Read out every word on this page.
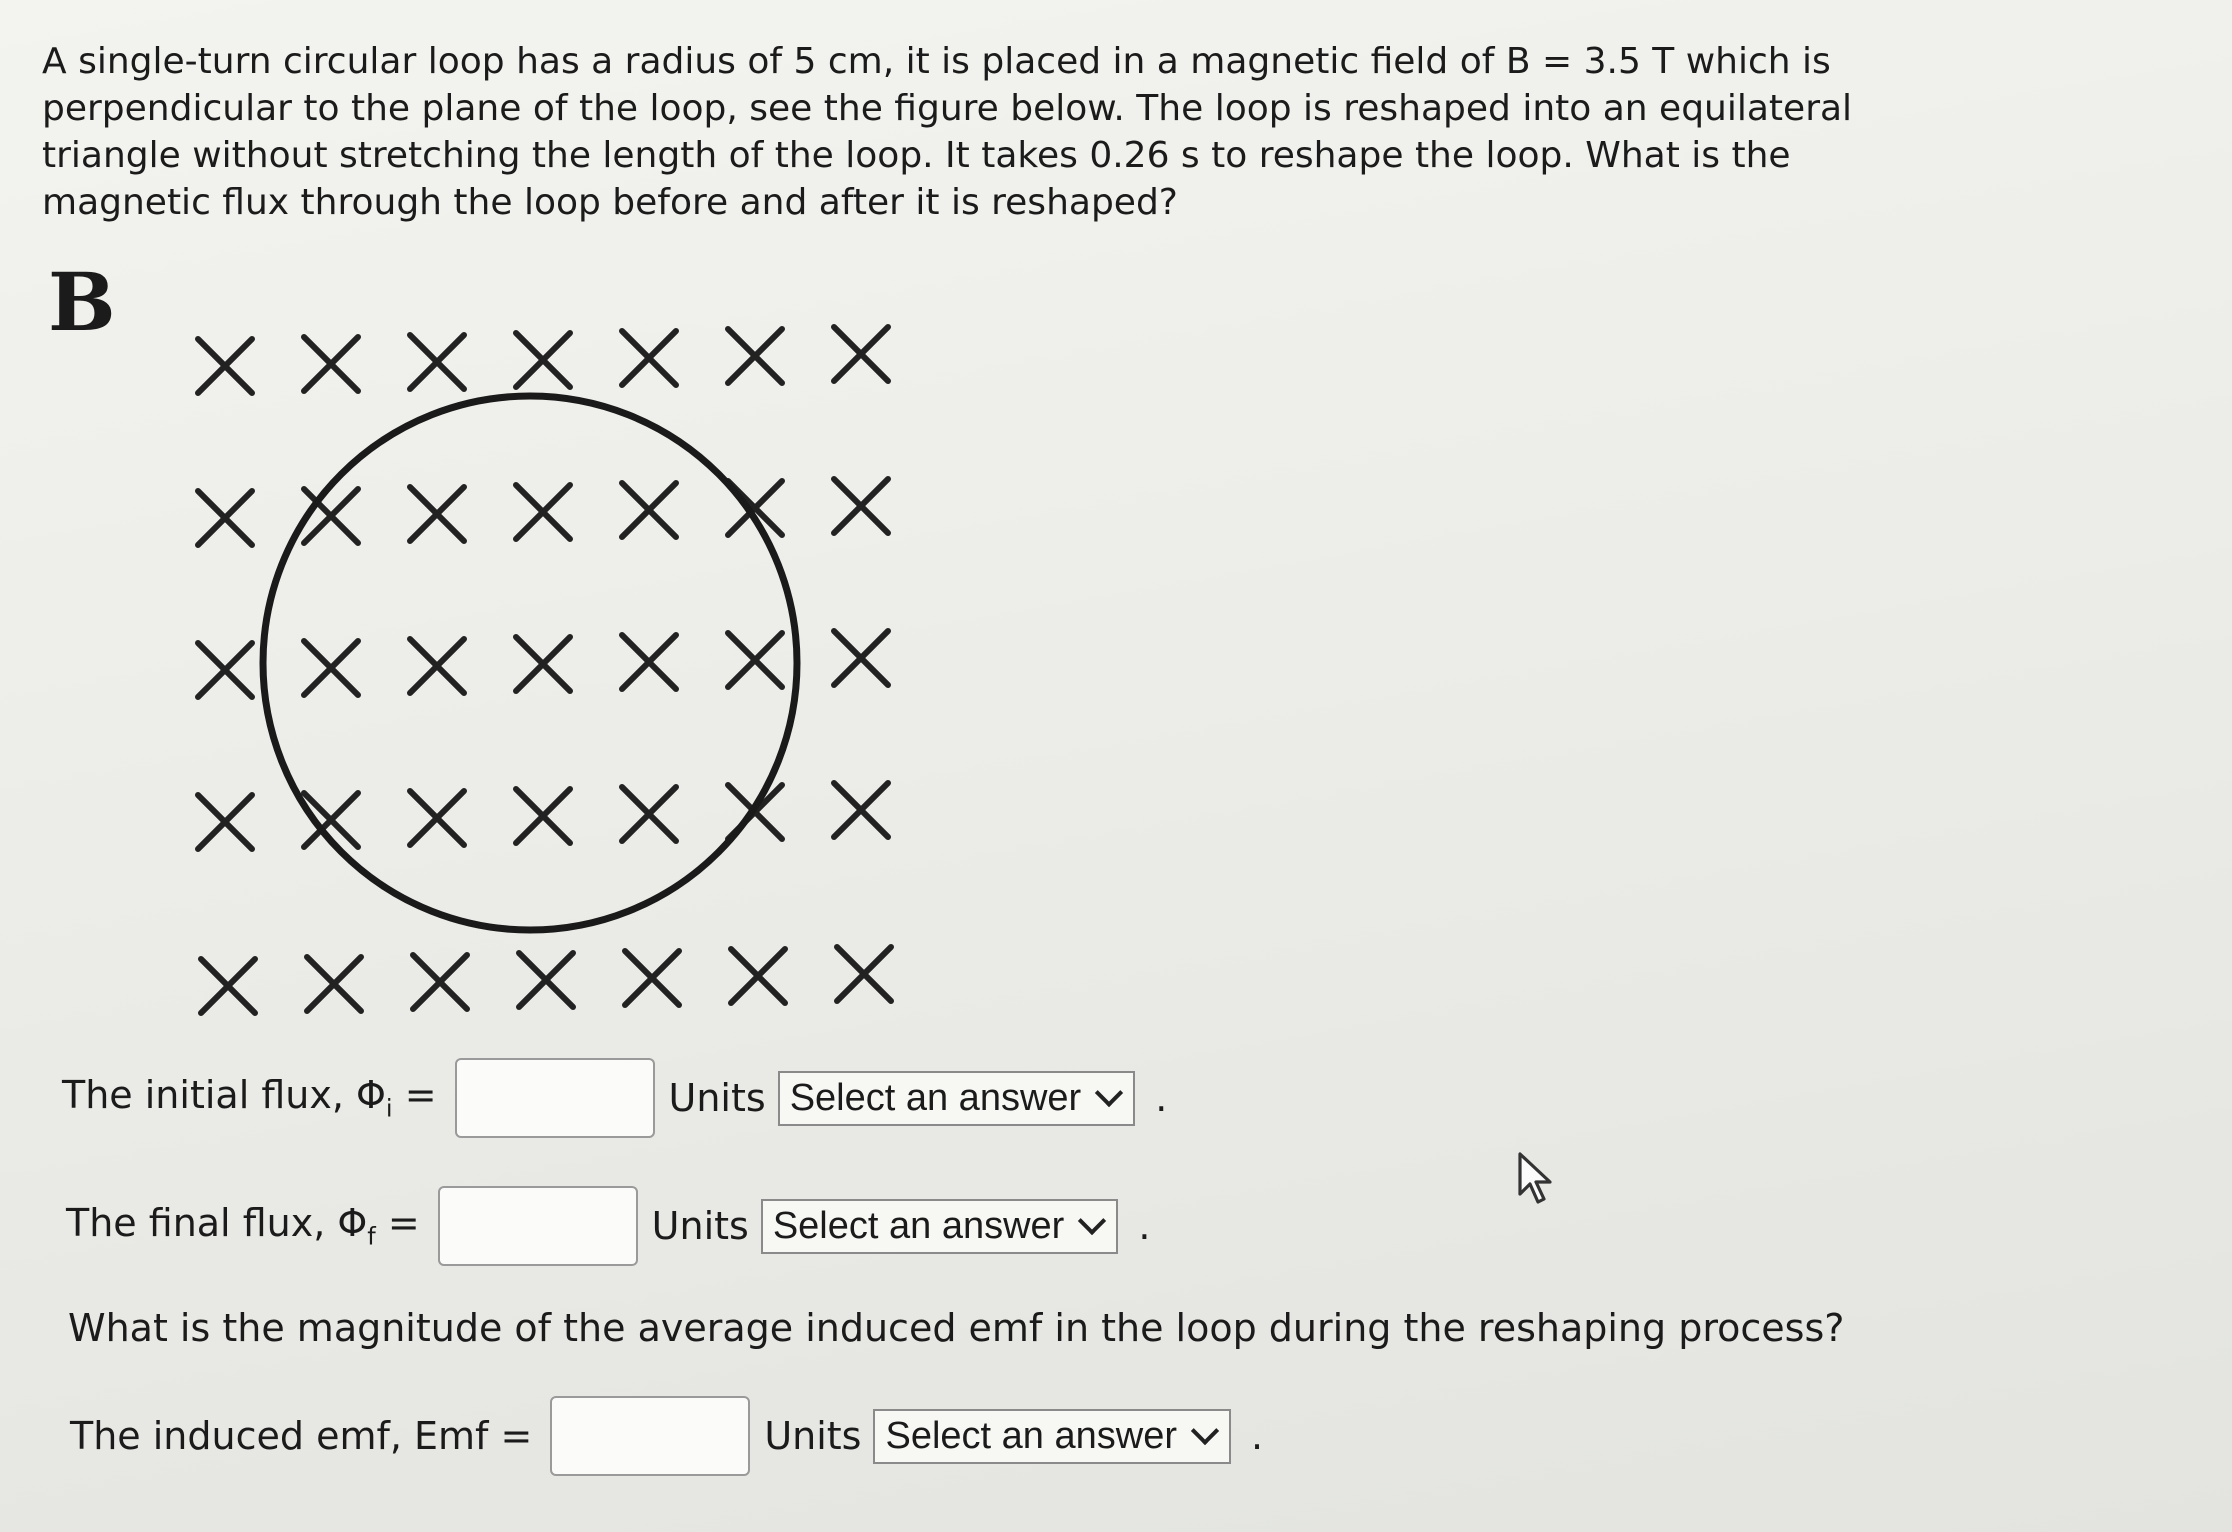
A single-turn circular loop has a radius of 5 cm, it is placed in a magnetic field of B = 3.5 T which is perpendicular to the plane of the loop, see the figure below. The loop is reshaped into an equilateral triangle without stretching the length of the loop. It takes 0.26 s to reshape the loop. What is the magnetic flux through the loop before and after it is reshaped?

B
The initial flux, $\Phi_i$ =	Units Select an answer .
The final flux, $\Phi_f$ =	Units Select an answer .
What is the magnitude of the average induced emf in the loop during the reshaping process?
The induced emf, Emf =	Units Select an answer .
